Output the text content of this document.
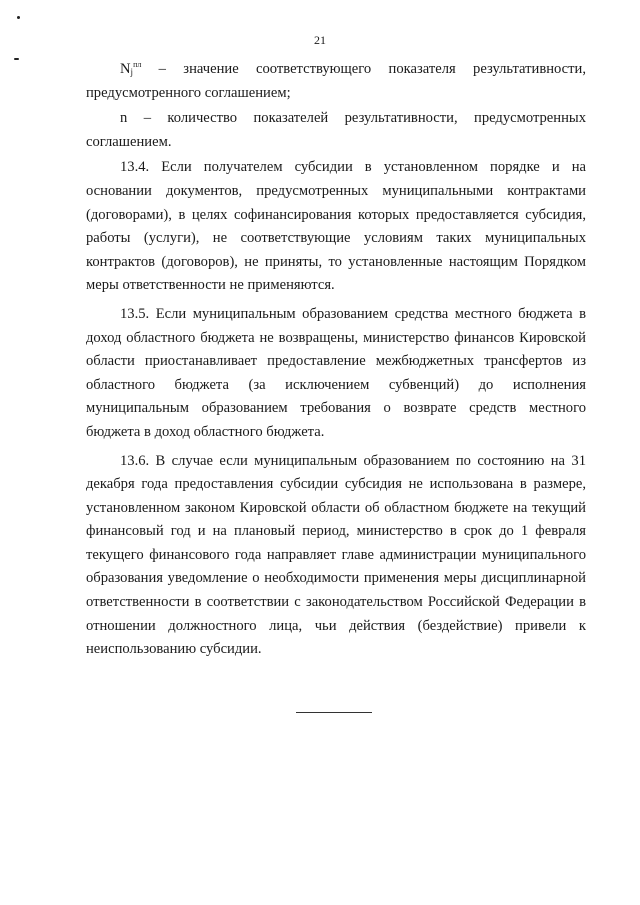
21

$N_j^{пл}$ – значение соответствующего показателя результативности, предусмотренного соглашением;

n – количество показателей результативности, предусмотренных соглашением.

13.4. Если получателем субсидии в установленном порядке и на основании документов, предусмотренных муниципальными контрактами (договорами), в целях софинансирования которых предоставляется субсидия, работы (услуги), не соответствующие условиям таких муниципальных контрактов (договоров), не приняты, то установленные настоящим Порядком меры ответственности не применяются.

13.5. Если муниципальным образованием средства местного бюджета в доход областного бюджета не возвращены, министерство финансов Кировской области приостанавливает предоставление межбюджетных трансфертов из областного бюджета (за исключением субвенций) до исполнения муниципальным образованием требования о возврате средств местного бюджета в доход областного бюджета.

13.6. В случае если муниципальным образованием по состоянию на 31 декабря года предоставления субсидии субсидия не использована в размере, установленном законом Кировской области об областном бюджете на текущий финансовый год и на плановый период, министерство в срок до 1 февраля текущего финансового года направляет главе администрации муниципального образования уведомление о необходимости применения меры дисциплинарной ответственности в соответствии с законодательством Российской Федерации в отношении должностного лица, чьи действия (бездействие) привели к неиспользованию субсидии.
